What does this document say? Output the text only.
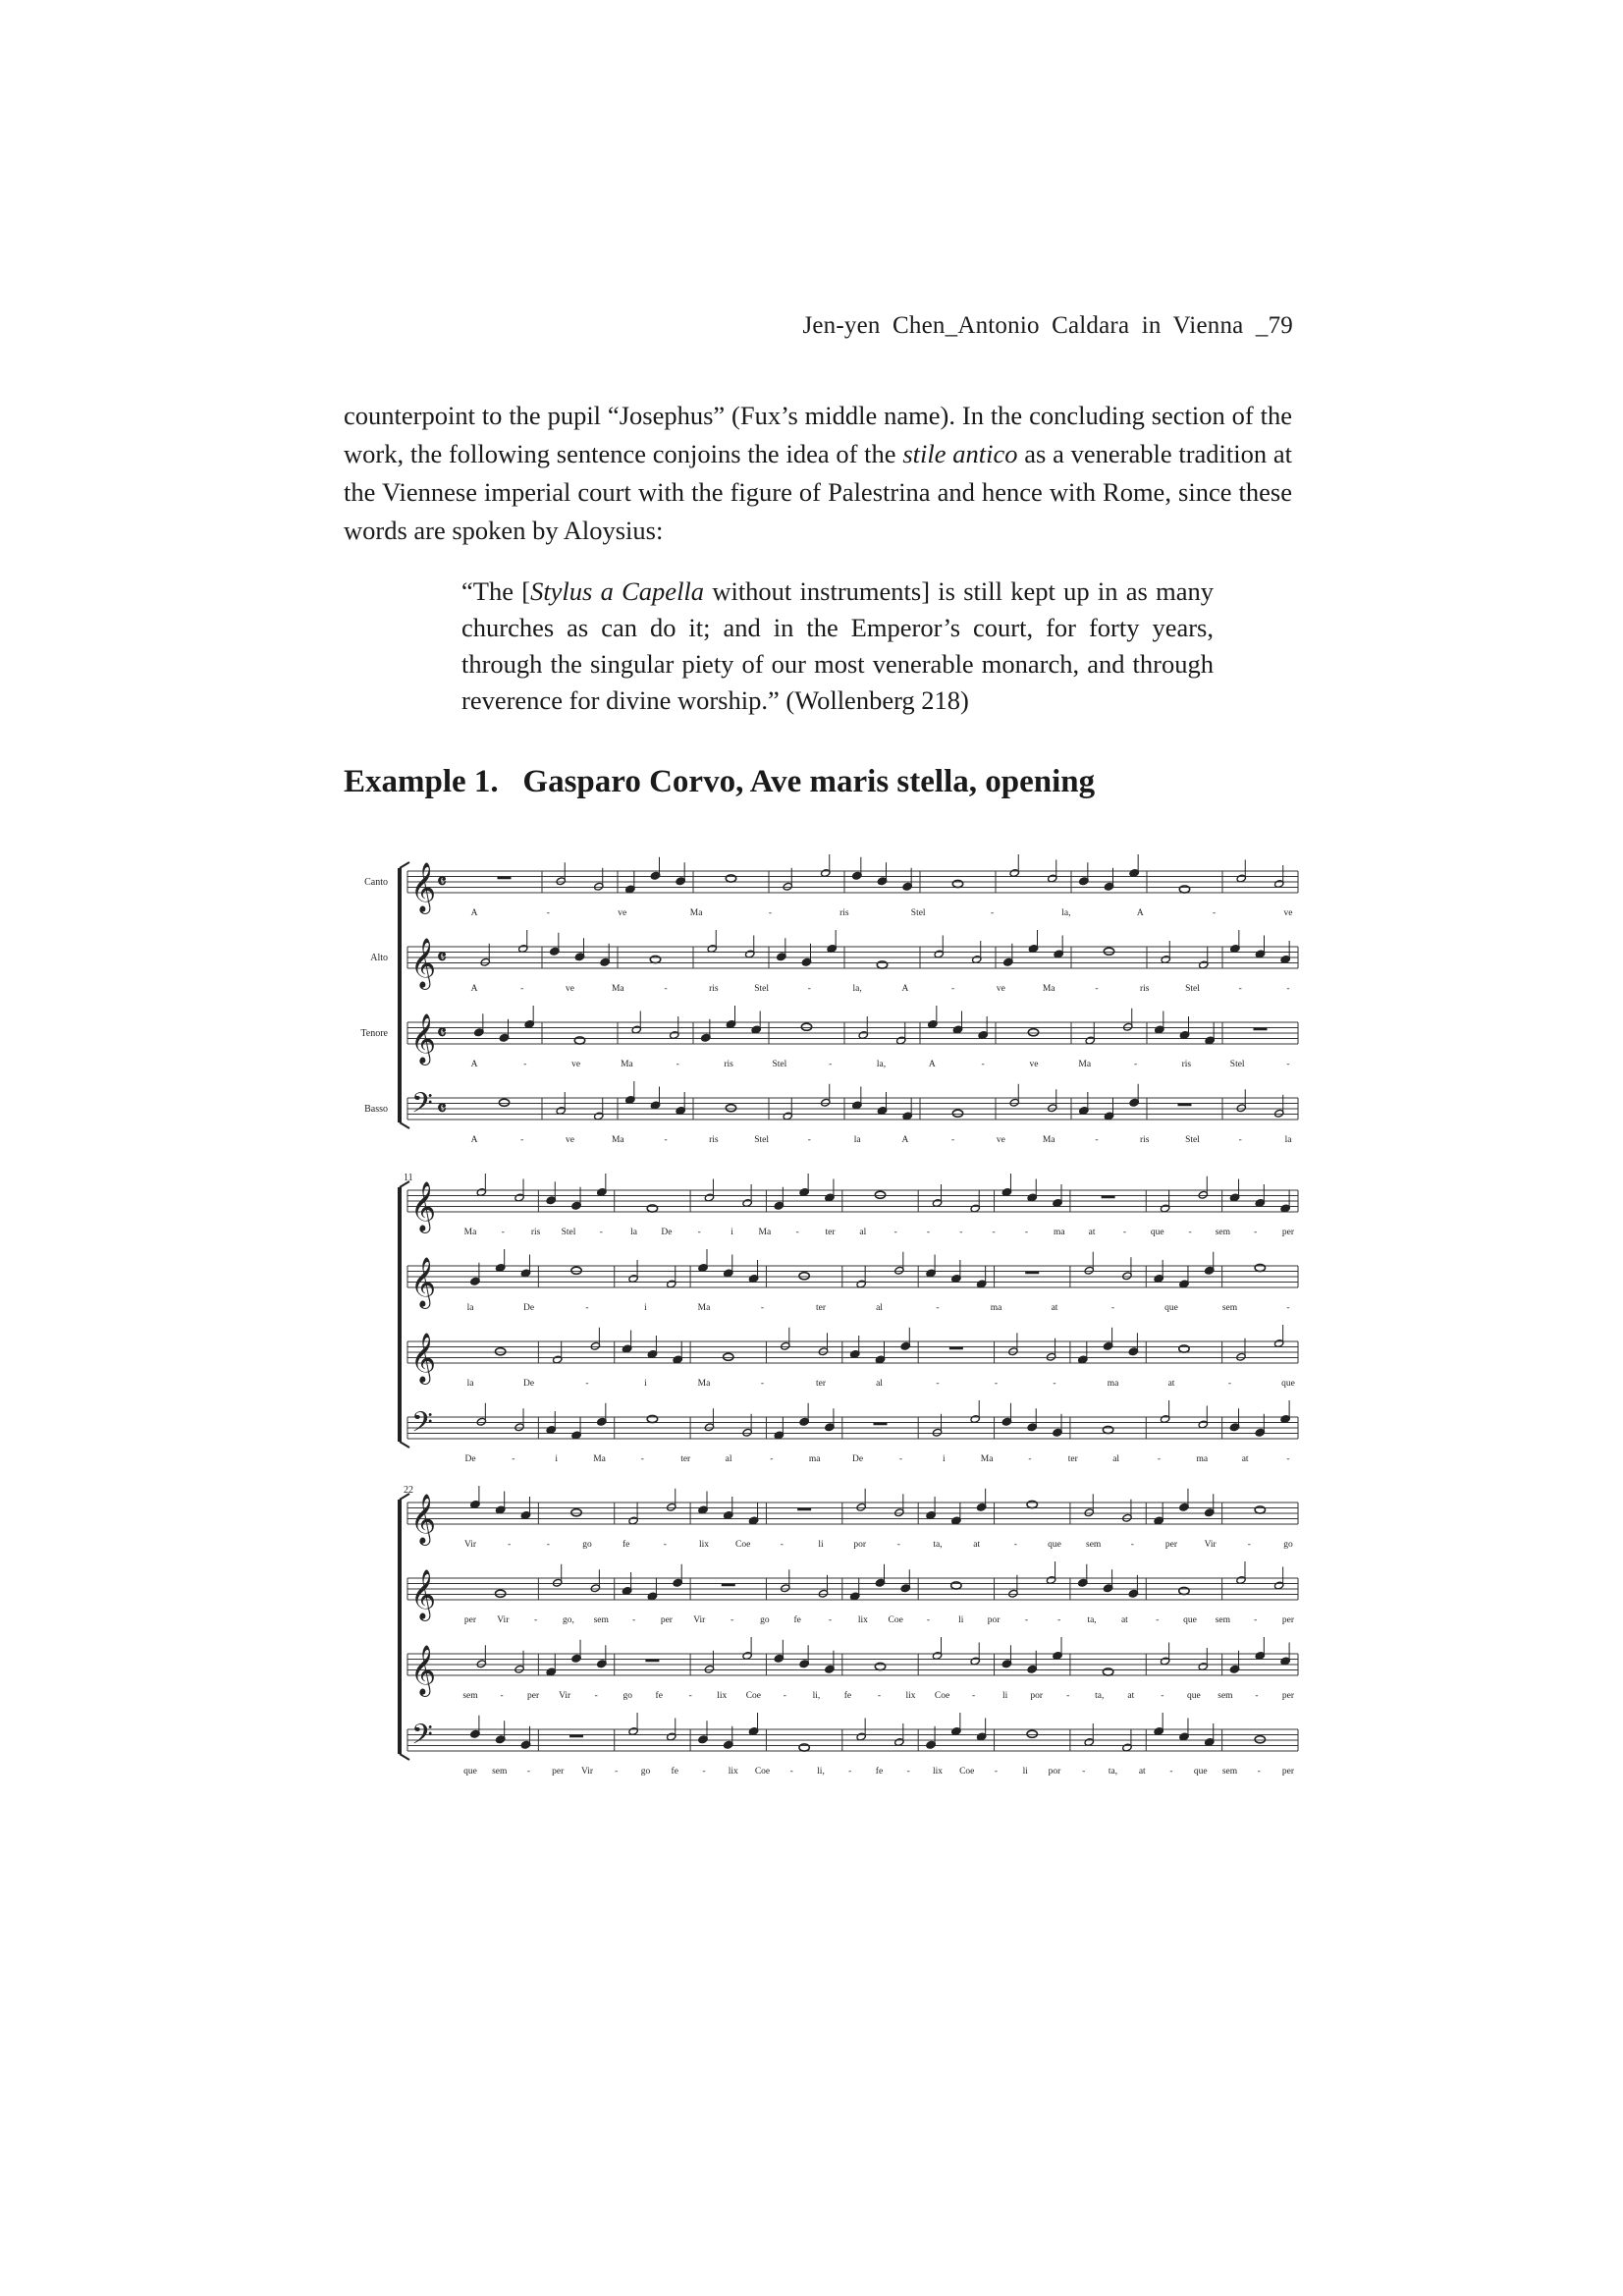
Jen-yen Chen_Antonio Caldara in Vienna _79

counterpoint to the pupil “Josephus” (Fux’s middle name). In the concluding section of the work, the following sentence conjoins the idea of the stile antico as a venerable tradition at the Viennese imperial court with the figure of Palestrina and hence with Rome, since these words are spoken by Aloysius:

“The [Stylus a Capella without instruments] is still kept up in as many churches as can do it; and in the Emperor’s court, for forty years, through the singular piety of our most venerable monarch, and through reverence for divine worship.” (Wollenberg 218)

Example 1. Gasparo Corvo, Ave maris stella, opening
𝄞 𝄴
Canto
A	-	ve	Ma	-	ris	Stel	-	la,	A	-	ve
𝄞 𝄴
Alto
A	-	ve	Ma	-	ris	Stel	-	la,	A	-	ve	Ma	-	ris	Stel	-	-
𝄞 𝄴
Tenore
A	-	ve	Ma	-	ris	Stel	-	la,	A	-	ve	Ma	-	ris	Stel	-
𝄢 𝄴
Basso
A	-	ve	Ma	-	ris	Stel	-	la	A	-	ve	Ma	-	ris	Stel	-	la
11
𝄞
Ma	-	ris Stel	-	la	De	-	i	Ma	-	ter	al	-	-	-	-	-	ma	at	-	que	-	sem	-	per
𝄞
la	De	-	i	Ma	-	ter	al	-	ma	at	-	que	sem	-
𝄞
la	De	-	i	Ma	-	ter	al	-	-	-	ma	at	-	que
𝄢
De	-	i	Ma	-	ter	al	-	ma	De	-	i	Ma	-	ter	al	-	ma	at	-
22
𝄞
Vir	-	-	go	fe	-	lix	Coe	-	li	por	-	ta,	at	-	que	sem	-	per	Vir	-	go
𝄞
per Vir	-	go, sem	-	per Vir	-	go	fe	-	lix Coe	-	li	por	-	-	ta,	at	-	que sem	-	per
𝄞
sem -	per Vir	-	go fe	-	lix Coe -	li,	fe	-	lix Coe -	li por	-	ta,	at	- que sem -	per
𝄢
que sem - per Vir - go fe	- lix Coe -	li,	-	fe	- lix Coe -	li por - ta, at	- que sem - per
